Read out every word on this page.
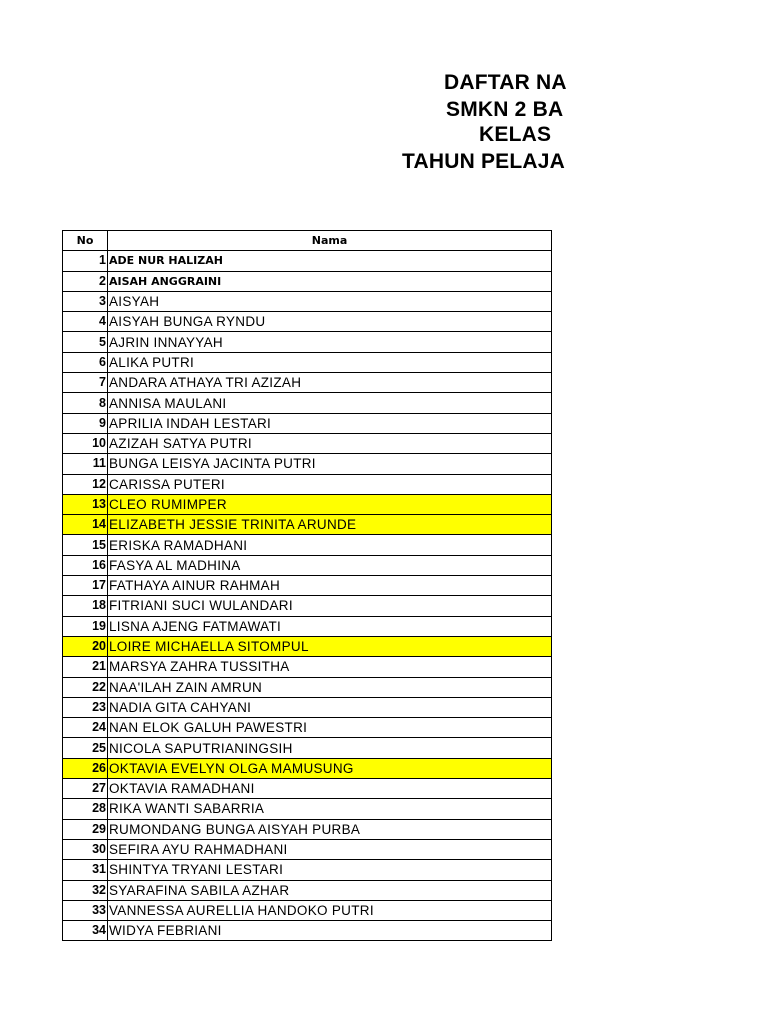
DAFTAR NA
SMKN 2 BA
KELAS
TAHUN PELAJA
No	Nama
1	ADE NUR HALIZAH
2	AISAH ANGGRAINI
3	AISYAH
4	AISYAH BUNGA RYNDU
5	AJRIN INNAYYAH
6	ALIKA PUTRI
7	ANDARA ATHAYA TRI AZIZAH
8	ANNISA MAULANI
9	APRILIA INDAH LESTARI
10	AZIZAH SATYA PUTRI
11	BUNGA LEISYA JACINTA PUTRI
12	CARISSA PUTERI
13	CLEO RUMIMPER
14	ELIZABETH JESSIE TRINITA ARUNDE
15	ERISKA RAMADHANI
16	FASYA AL MADHINA
17	FATHAYA AINUR RAHMAH
18	FITRIANI SUCI WULANDARI
19	LISNA AJENG FATMAWATI
20	LOIRE MICHAELLA SITOMPUL
21	MARSYA ZAHRA TUSSITHA
22	NAA'ILAH ZAIN AMRUN
23	NADIA GITA CAHYANI
24	NAN ELOK GALUH PAWESTRI
25	NICOLA SAPUTRIANINGSIH
26	OKTAVIA EVELYN OLGA MAMUSUNG
27	OKTAVIA RAMADHANI
28	RIKA WANTI SABARRIA
29	RUMONDANG BUNGA AISYAH PURBA
30	SEFIRA AYU RAHMADHANI
31	SHINTYA TRYANI LESTARI
32	SYARAFINA SABILA AZHAR
33	VANNESSA AURELLIA HANDOKO PUTRI
34	WIDYA FEBRIANI
